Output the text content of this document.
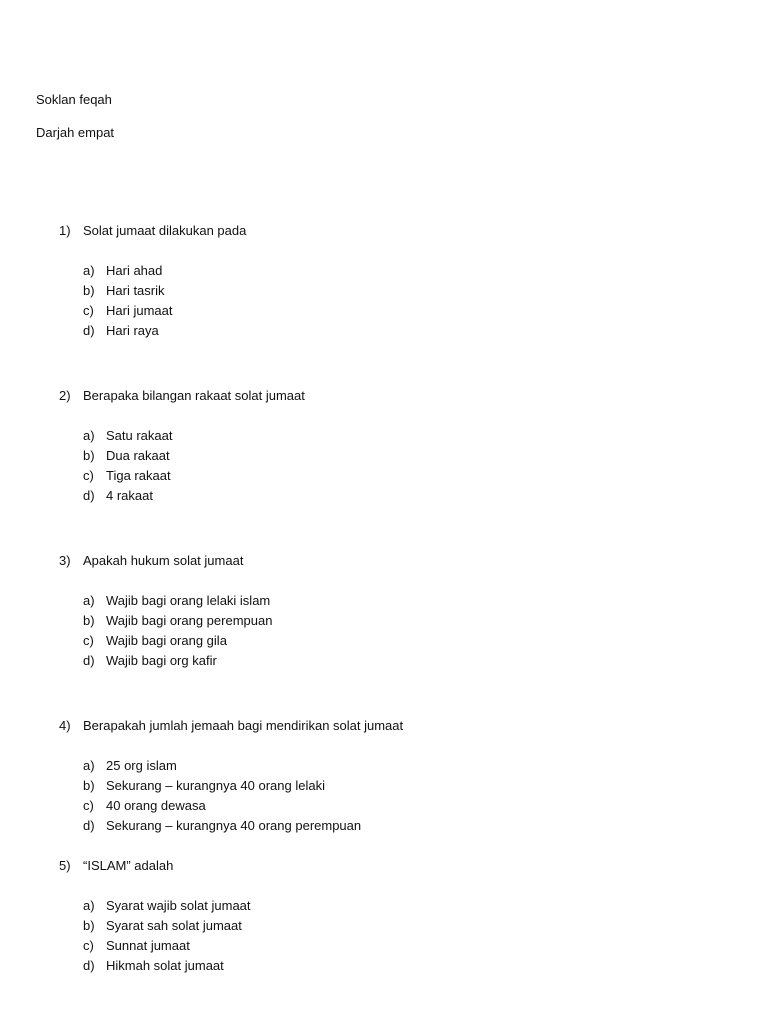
Soklan feqah
Darjah empat
1) Solat jumaat dilakukan pada
a) Hari ahad
b) Hari tasrik
c) Hari jumaat
d) Hari raya
2) Berapaka bilangan rakaat solat jumaat
a) Satu rakaat
b) Dua rakaat
c) Tiga rakaat
d) 4 rakaat
3) Apakah hukum solat jumaat
a) Wajib bagi orang lelaki islam
b) Wajib bagi orang perempuan
c) Wajib bagi orang gila
d) Wajib bagi org kafir
4) Berapakah jumlah jemaah bagi mendirikan solat jumaat
a) 25 org islam
b) Sekurang – kurangnya 40 orang lelaki
c) 40 orang dewasa
d) Sekurang – kurangnya 40 orang perempuan
5) “ISLAM” adalah
a) Syarat wajib solat jumaat
b) Syarat sah solat jumaat
c) Sunnat jumaat
d) Hikmah solat jumaat
